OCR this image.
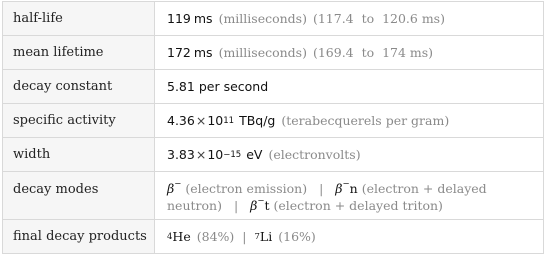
half-life	119 ms (milliseconds) (117.4  to  120.6 ms)
mean lifetime	172 ms (milliseconds) (169.4  to  174 ms)
decay constant	5.81 per second
specific activity	4.36 × 10 11 TBq/g (terabecquerels per gram)
width	3.83 × 10 −15 eV (electronvolts)
decay modes	β− (electron emission) | β−n (electron + delayed neutron) | β−t (electron + delayed triton)
final decay products	4 He (84%) | 7 Li (16%)
